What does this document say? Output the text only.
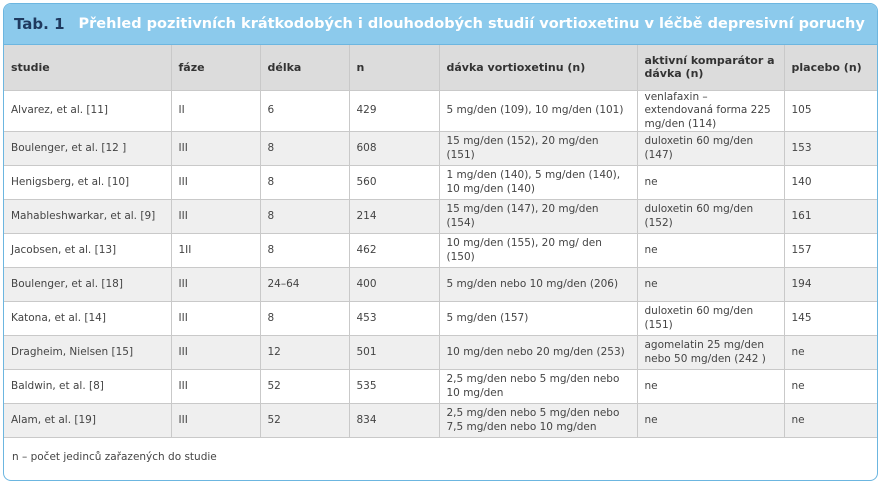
Tab. 1 Přehled pozitivních krátkodobých i dlouhodobých studií vortioxetinu v léčbě depresivní poruchy
studie	fáze	délka	n	dávka vortioxetinu (n)	aktivní komparátor a dávka (n)	placebo (n)
Alvarez, et al. [11]	II	6	429	5 mg/den (109), 10 mg/den (101)	venlafaxin – extendovaná forma 225 mg/den (114)	105
Boulenger, et al. [12 ]	III	8	608	15 mg/den (152), 20 mg/den (151)	duloxetin 60 mg/den (147)	153
Henigsberg, et al. [10]	III	8	560	1 mg/den (140), 5 mg/den (140), 10 mg/den (140)	ne	140
Mahableshwarkar, et al. [9]	III	8	214	15 mg/den (147), 20 mg/den (154)	duloxetin 60 mg/den (152)	161
Jacobsen, et al. [13]	1II	8	462	10 mg/den (155), 20 mg/ den (150)	ne	157
Boulenger, et al. [18]	III	24–64	400	5 mg/den nebo 10 mg/den (206)	ne	194
Katona, et al. [14]	III	8	453	5 mg/den (157)	duloxetin 60 mg/den (151)	145
Dragheim, Nielsen [15]	III	12	501	10 mg/den nebo 20 mg/den (253)	agomelatin 25 mg/den nebo 50 mg/den (242 )	ne
Baldwin, et al. [8]	III	52	535	2,5 mg/den nebo 5 mg/den nebo 10 mg/den	ne	ne
Alam, et al. [19]	III	52	834	2,5 mg/den nebo 5 mg/den nebo 7,5 mg/den nebo 10 mg/den	ne	ne
n – počet jedinců zařazených do studie
